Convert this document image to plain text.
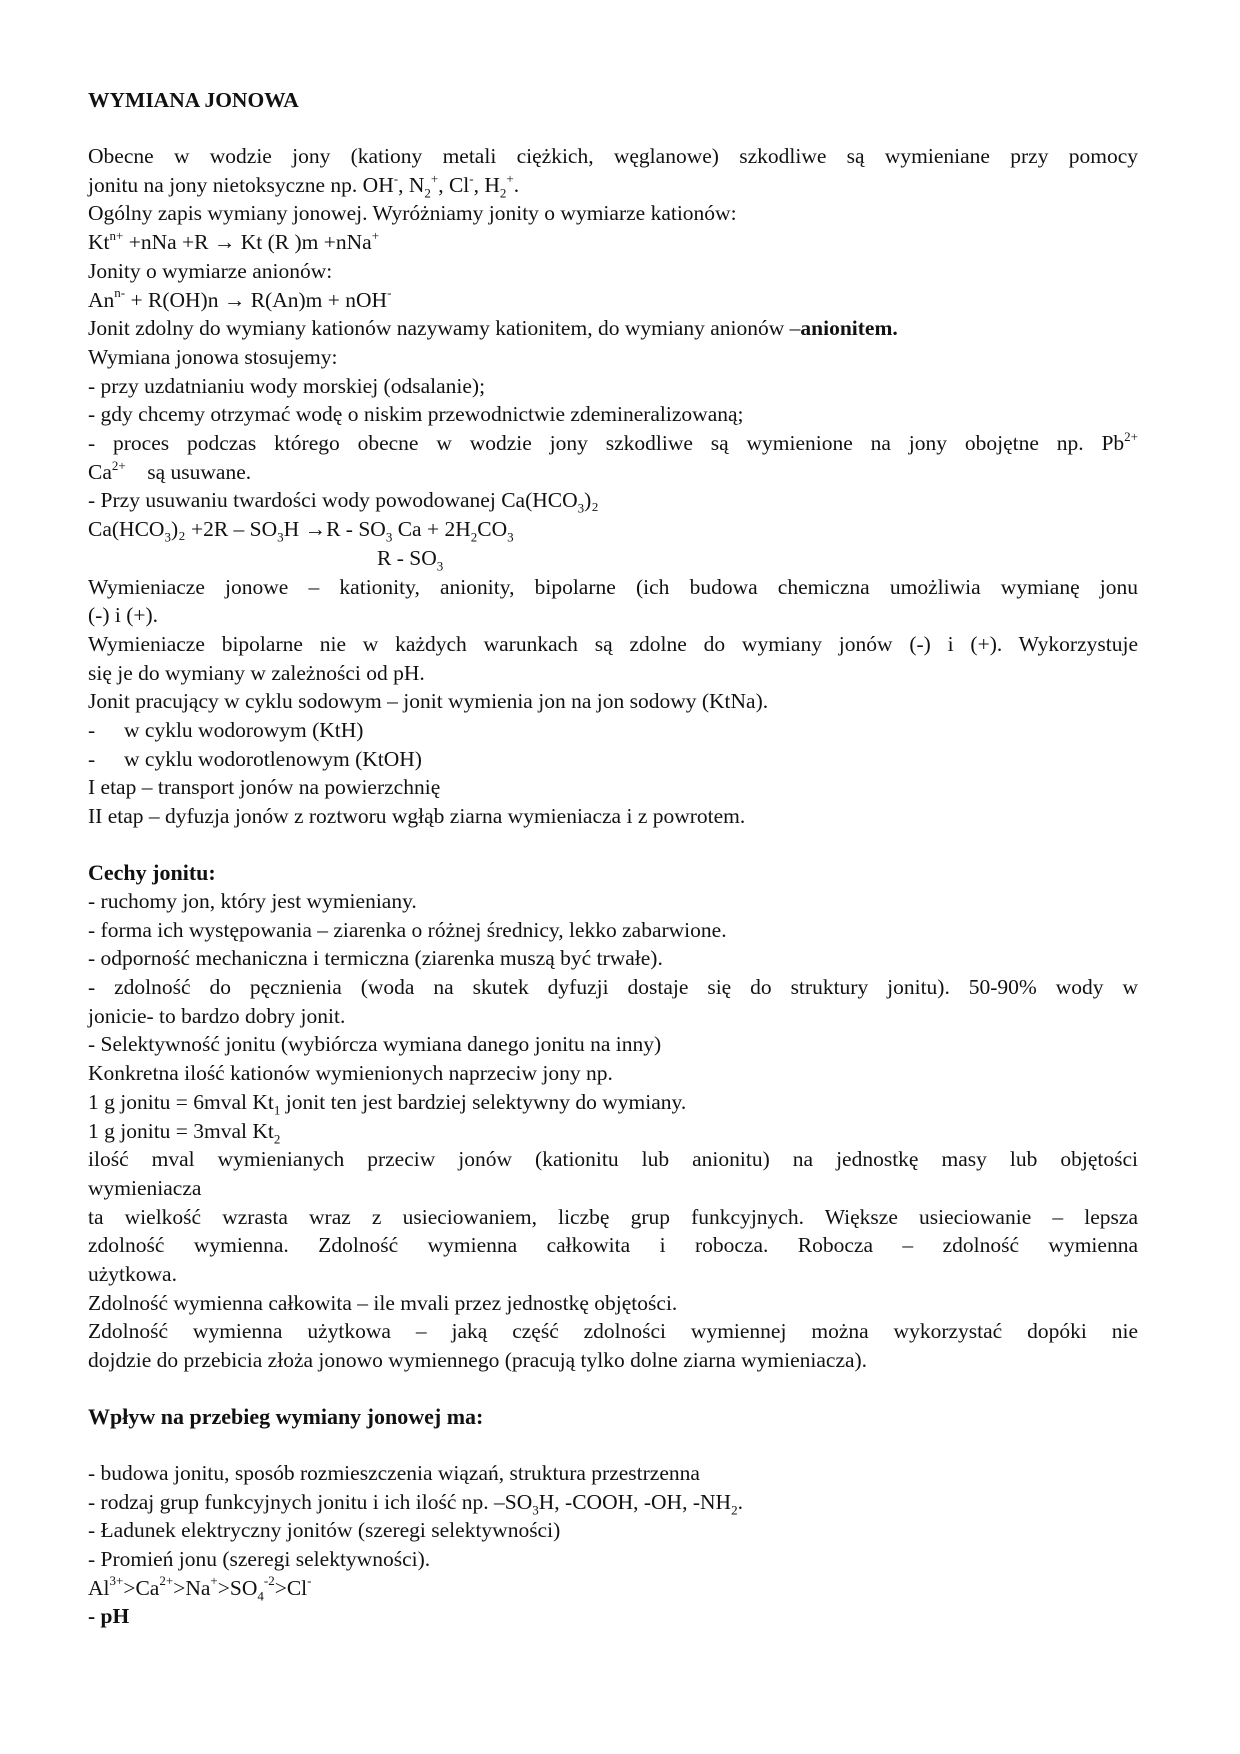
WYMIANA JONOWA
Obecne w wodzie jony (kationy metali ciężkich, węglanowe) szkodliwe są wymieniane przy pomocy
jonitu na jony nietoksyczne np. OH-, $N_2^+$, Cl-, $H_2^+$.
Ogólny zapis wymiany jonowej. Wyróżniamy jonity o wymiarze kationów:
$Kt^{n+} +nNa +R \to Kt$ (R )m +nNa+
Jonity o wymiarze anionów:
$An^{n-} + R(OH)n \to R(An)m + nOH^-$
Jonit zdolny do wymiany kationów nazywamy kationitem, do wymiany anionów –anionitem.
Wymiana jonowa stosujemy:
- przy uzdatnianiu wody morskiej (odsalanie);
- gdy chcemy otrzymać wodę o niskim przewodnictwie zdemineralizowaną;
- proces podczas którego obecne w wodzie jony szkodliwe są wymienione na jony obojętne np. $Pb^{2+}$
$Ca^{2+}$ są usuwane.
- Przy usuwaniu twardości wody powodowanej $Ca(HCO_3)_2$
$Ca(HCO_3)_2 +2R - SO_3H \to R - SO_3$ $Ca + 2H_2CO_3$
R - $SO_3$
Wymieniacze jonowe – kationity, anionity, bipolarne (ich budowa chemiczna umożliwia wymianę jonu
(-) i (+).
Wymieniacze bipolarne nie w każdych warunkach są zdolne do wymiany jonów (-) i (+). Wykorzystuje
się je do wymiany w zależności od pH.
Jonit pracujący w cyklu sodowym – jonit wymienia jon na jon sodowy (KtNa).
- w cyklu wodorowym (KtH)
- w cyklu wodorotlenowym (KtOH)
I etap – transport jonów na powierzchnię
II etap – dyfuzja jonów z roztworu wgłąb ziarna wymieniacza i z powrotem.
Cechy jonitu:
- ruchomy jon, który jest wymieniany.
- forma ich występowania – ziarenka o różnej średnicy, lekko zabarwione.
- odporność mechaniczna i termiczna (ziarenka muszą być trwałe).
- zdolność do pęcznienia (woda na skutek dyfuzji dostaje się do struktury jonitu). 50-90% wody w
jonicie- to bardzo dobry jonit.
- Selektywność jonitu (wybiórcza wymiana danego jonitu na inny)
Konkretna ilość kationów wymienionych naprzeciw jony np.
1 g jonitu = 6mval $Kt_1$ jonit ten jest bardziej selektywny do wymiany.
1 g jonitu = 3mval $Kt_2$
ilość mval wymienianych przeciw jonów (kationitu lub anionitu) na jednostkę masy lub objętości
wymieniacza
ta wielkość wzrasta wraz z usieciowaniem, liczbę grup funkcyjnych. Większe usieciowanie – lepsza
zdolność wymienna. Zdolność wymienna całkowita i robocza. Robocza – zdolność wymienna
użytkowa.
Zdolność wymienna całkowita – ile mvali przez jednostkę objętości.
Zdolność wymienna użytkowa – jaką część zdolności wymiennej można wykorzystać dopóki nie
dojdzie do przebicia złoża jonowo wymiennego (pracują tylko dolne ziarna wymieniacza).
Wpływ na przebieg wymiany jonowej ma:
- budowa jonitu, sposób rozmieszczenia wiązań, struktura przestrzenna
- rodzaj grup funkcyjnych jonitu i ich ilość np. $-SO_3H$, -COOH, -OH, $-NH_2$.
- Ładunek elektryczny jonitów (szeregi selektywności)
- Promień jonu (szeregi selektywności).
$Al^{3+}>Ca^{2+}>Na^+>SO_4^{-2}>Cl^-$
- pH
